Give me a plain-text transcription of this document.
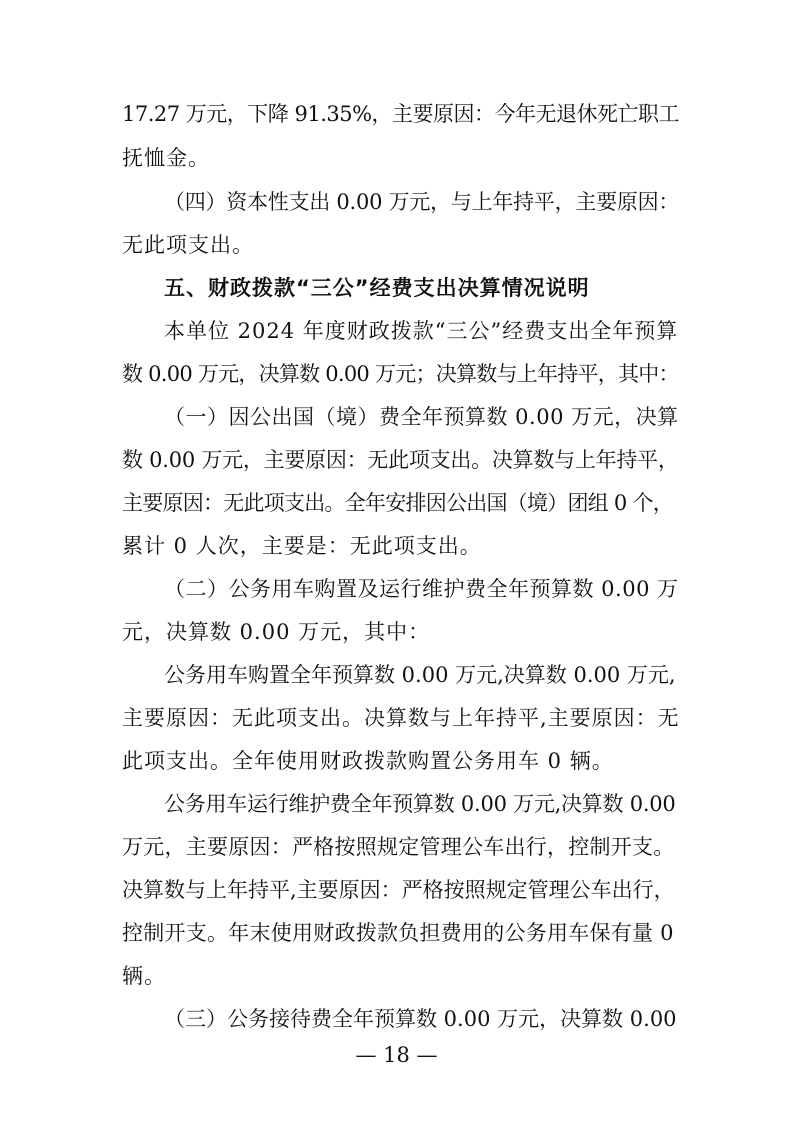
17.27 万元，下降 91.35%，主要原因：今年无退休死亡职工
抚恤金。
（四）资本性支出 0.00 万元，与上年持平，主要原因：
无此项支出。
五、财政拨款“三公”经费支出决算情况说明
本单位 2024 年度财政拨款“三公”经费支出全年预算
数 0.00 万元，决算数 0.00 万元；决算数与上年持平，其中：
（一）因公出国（境）费全年预算数 0.00 万元，决算
数 0.00 万元，主要原因：无此项支出。决算数与上年持平，
主要原因：无此项支出。全年安排因公出国（境）团组 0 个，
累计 0 人次，主要是：无此项支出。
（二）公务用车购置及运行维护费全年预算数 0.00 万
元，决算数 0.00 万元，其中：
公务用车购置全年预算数 0.00 万元,决算数 0.00 万元,
主要原因：无此项支出。决算数与上年持平,主要原因：无
此项支出。全年使用财政拨款购置公务用车 0 辆。
公务用车运行维护费全年预算数 0.00 万元,决算数 0.00
万元，主要原因：严格按照规定管理公车出行，控制开支。
决算数与上年持平,主要原因：严格按照规定管理公车出行，
控制开支。年末使用财政拨款负担费用的公务用车保有量 0
辆。
（三）公务接待费全年预算数 0.00 万元，决算数 0.00
— 18 —
